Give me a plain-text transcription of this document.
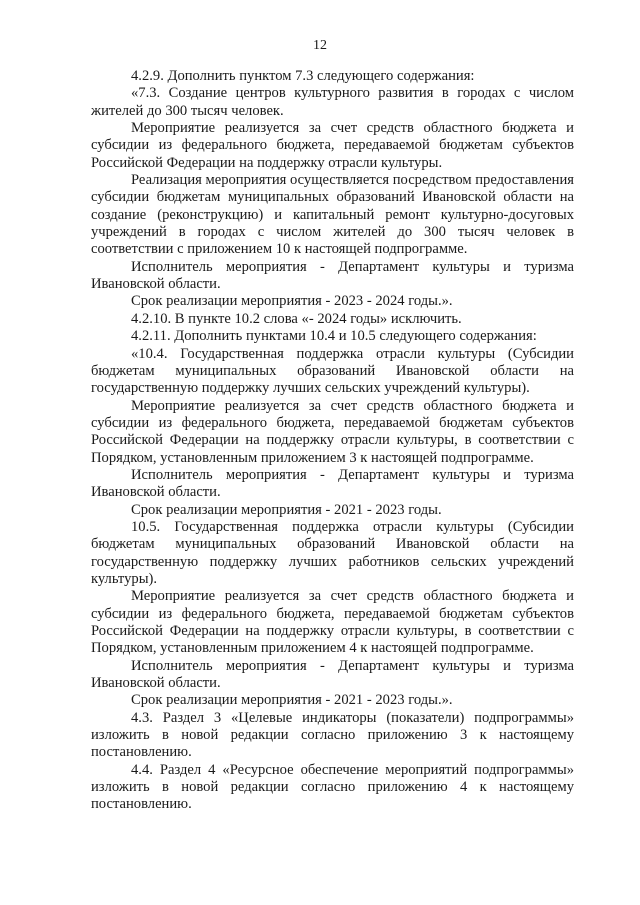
12

4.2.9. Дополнить пунктом 7.3 следующего содержания:

«7.3. Создание центров культурного развития в городах с числом жителей до 300 тысяч человек.

Мероприятие реализуется за счет средств областного бюджета и субсидии из федерального бюджета, передаваемой бюджетам субъектов Российской Федерации на поддержку отрасли культуры.

Реализация мероприятия осуществляется посредством предоставления субсидии бюджетам муниципальных образований Ивановской области на создание (реконструкцию) и капитальный ремонт культурно-досуговых учреждений в городах с числом жителей до 300 тысяч человек в соответствии с приложением 10 к настоящей подпрограмме.

Исполнитель мероприятия - Департамент культуры и туризма Ивановской области.

Срок реализации мероприятия - 2023 - 2024 годы.».

4.2.10. В пункте 10.2 слова «- 2024 годы» исключить.

4.2.11. Дополнить пунктами 10.4 и 10.5 следующего содержания:

«10.4. Государственная поддержка отрасли культуры (Субсидии бюджетам муниципальных образований Ивановской области на государственную поддержку лучших сельских учреждений культуры).

Мероприятие реализуется за счет средств областного бюджета и субсидии из федерального бюджета, передаваемой бюджетам субъектов Российской Федерации на поддержку отрасли культуры, в соответствии с Порядком, установленным приложением 3 к настоящей подпрограмме.

Исполнитель мероприятия - Департамент культуры и туризма Ивановской области.

Срок реализации мероприятия - 2021 - 2023 годы.

10.5. Государственная поддержка отрасли культуры (Субсидии бюджетам муниципальных образований Ивановской области на государственную поддержку лучших работников сельских учреждений культуры).

Мероприятие реализуется за счет средств областного бюджета и субсидии из федерального бюджета, передаваемой бюджетам субъектов Российской Федерации на поддержку отрасли культуры, в соответствии с Порядком, установленным приложением 4 к настоящей подпрограмме.

Исполнитель мероприятия - Департамент культуры и туризма Ивановской области.

Срок реализации мероприятия - 2021 - 2023 годы.».

4.3. Раздел 3 «Целевые индикаторы (показатели) подпрограммы» изложить в новой редакции согласно приложению 3 к настоящему постановлению.

4.4. Раздел 4 «Ресурсное обеспечение мероприятий подпрограммы» изложить в новой редакции согласно приложению 4 к настоящему постановлению.
